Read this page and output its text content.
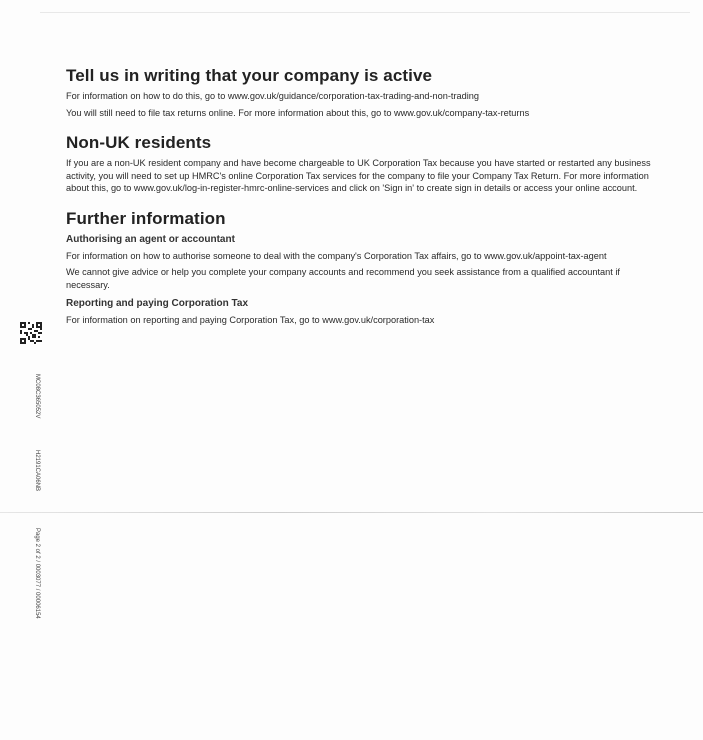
Tell us in writing that your company is active

For information on how to do this, go to www.gov.uk/guidance/corporation-tax-trading-and-non-trading

You will still need to file tax returns online. For more information about this, go to www.gov.uk/company-tax-returns

Non-UK residents

If you are a non-UK resident company and have become chargeable to UK Corporation Tax because you have started or restarted any business activity, you will need to set up HMRC's online Corporation Tax services for the company to file your Company Tax Return. For more information about this, go to www.gov.uk/log-in-register-hmrc-online-services and click on 'Sign in' to create sign in details or access your online account.

Further information
Authorising an agent or accountant

For information on how to authorise someone to deal with the company's Corporation Tax affairs, go to www.gov.uk/appoint-tax-agent

We cannot give advice or help you complete your company accounts and recommend you seek assistance from a qualified accountant if necessary.

Reporting and paying Corporation Tax

For information on reporting and paying Corporation Tax, go to www.gov.uk/corporation-tax

MC08C365052V
H2191CA06NB
Page 2 of 2 / 0003077 / 00006154
